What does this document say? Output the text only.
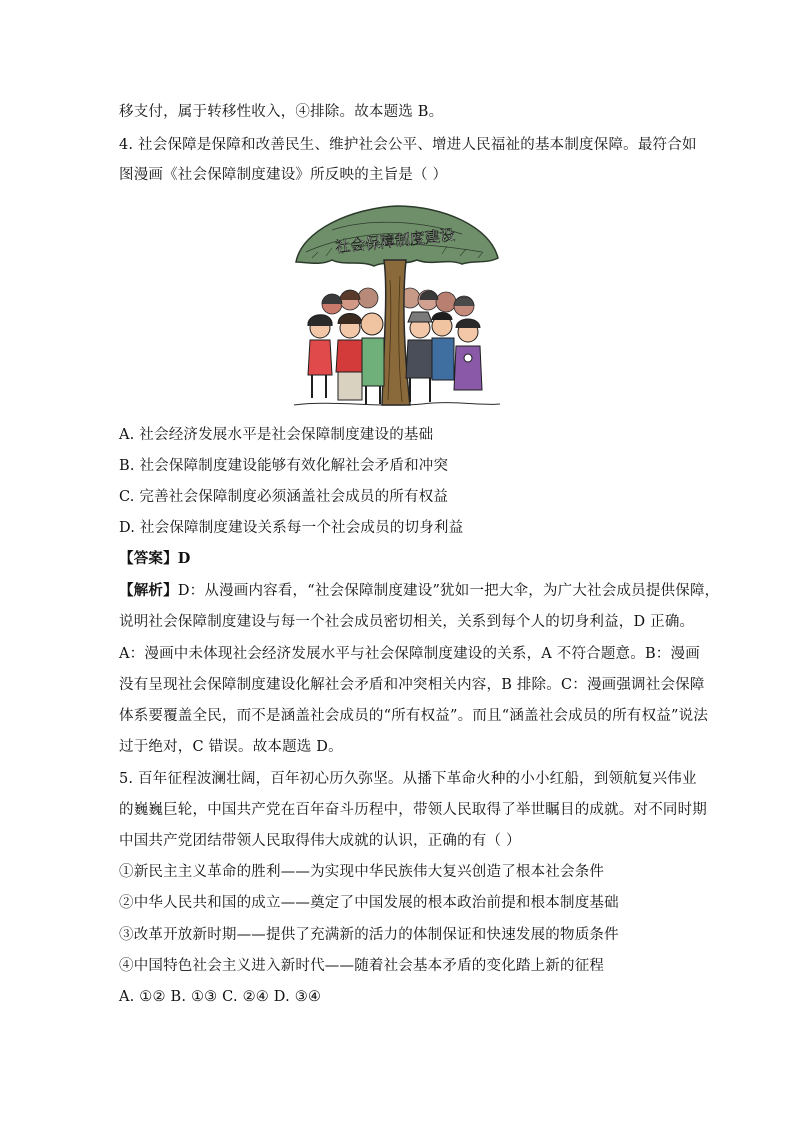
移支付，属于转移性收入，④排除。故本题选 B。
4. 社会保障是保障和改善民生、维护社会公平、增进人民福祉的基本制度保障。最符合如
图漫画《社会保障制度建设》所反映的主旨是（ ）
社会保障制度建设
A. 社会经济发展水平是社会保障制度建设的基础
B. 社会保障制度建设能够有效化解社会矛盾和冲突
C. 完善社会保障制度必须涵盖社会成员的所有权益
D. 社会保障制度建设关系每一个社会成员的切身利益
【答案】D
【解析】D：从漫画内容看，“社会保障制度建设”犹如一把大伞，为广大社会成员提供保障，
说明社会保障制度建设与每一个社会成员密切相关，关系到每个人的切身利益，D 正确。
A：漫画中未体现社会经济发展水平与社会保障制度建设的关系，A 不符合题意。B：漫画
没有呈现社会保障制度建设化解社会矛盾和冲突相关内容，B 排除。C：漫画强调社会保障
体系要覆盖全民，而不是涵盖社会成员的“所有权益”。而且“涵盖社会成员的所有权益”说法
过于绝对，C 错误。故本题选 D。
5. 百年征程波澜壮阔，百年初心历久弥坚。从播下革命火种的小小红船，到领航复兴伟业
的巍巍巨轮，中国共产党在百年奋斗历程中，带领人民取得了举世瞩目的成就。对不同时期
中国共产党团结带领人民取得伟大成就的认识，正确的有（ ）
①新民主主义革命的胜利——为实现中华民族伟大复兴创造了根本社会条件
②中华人民共和国的成立——奠定了中国发展的根本政治前提和根本制度基础
③改革开放新时期——提供了充满新的活力的体制保证和快速发展的物质条件
④中国特色社会主义进入新时代——随着社会基本矛盾的变化踏上新的征程
A. ①② B. ①③ C. ②④ D. ③④
